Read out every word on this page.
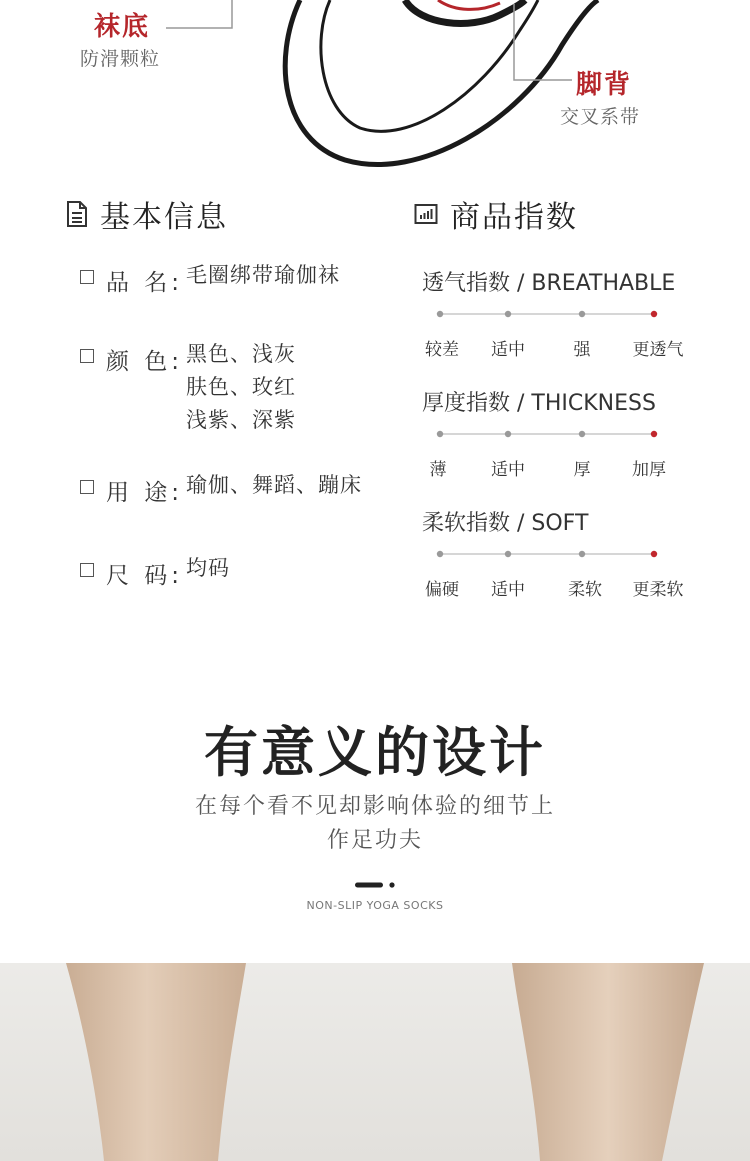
袜底
防滑颗粒
脚背
交叉系带
基本信息
品 名: 毛圈绑带瑜伽袜
颜 色: 黑色、浅灰
肤色、玫红
浅紫、深紫
用 途: 瑜伽、舞蹈、蹦床
尺 码: 均码
商品指数
透气指数 / BREATHABLE
较差 适中	强 更透气
厚度指数 / THICKNESS
薄	适中	厚 加厚
柔软指数 / SOFT
偏硬 适中	柔软 更柔软
有意义的设计
在每个看不见却影响体验的细节上
作足功夫
NON-SLIP YOGA SOCKS
